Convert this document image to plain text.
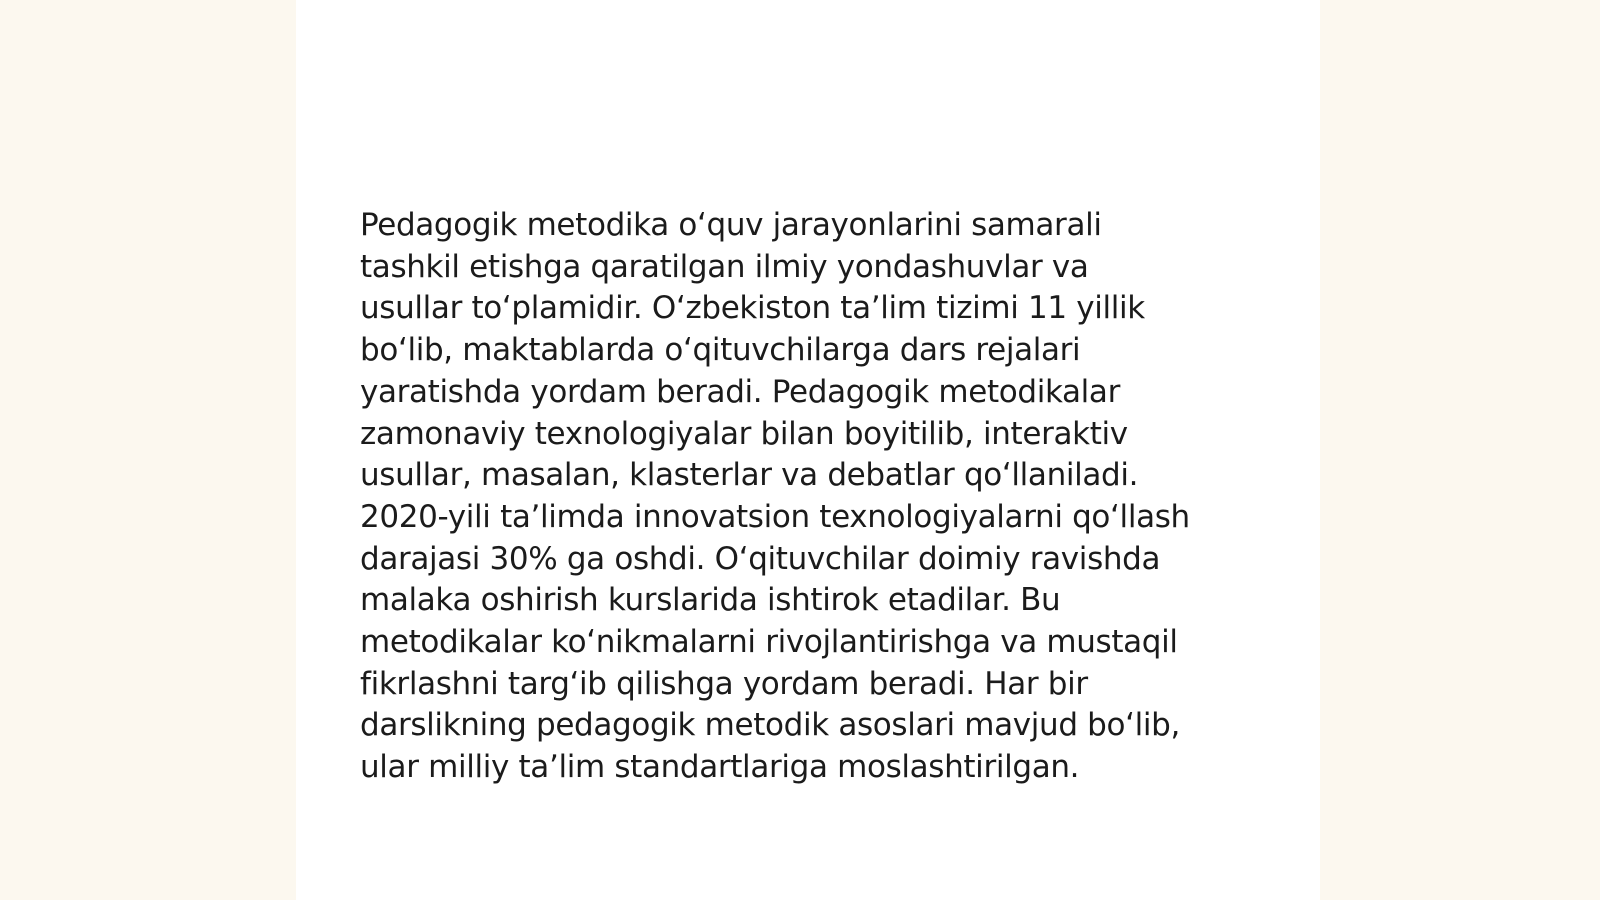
Pedagogik metodika o‘quv jarayonlarini samarali
tashkil etishga qaratilgan ilmiy yondashuvlar va
usullar to‘plamidir. O‘zbekiston ta’lim tizimi 11 yillik
bo‘lib, maktablarda o‘qituvchilarga dars rejalari
yaratishda yordam beradi. Pedagogik metodikalar
zamonaviy texnologiyalar bilan boyitilib, interaktiv
usullar, masalan, klasterlar va debatlar qo‘llaniladi.
2020-yili ta’limda innovatsion texnologiyalarni qo‘llash
darajasi 30% ga oshdi. O‘qituvchilar doimiy ravishda
malaka oshirish kurslarida ishtirok etadilar. Bu
metodikalar ko‘nikmalarni rivojlantirishga va mustaqil
fikrlashni targ‘ib qilishga yordam beradi. Har bir
darslikning pedagogik metodik asoslari mavjud bo‘lib,
ular milliy ta’lim standartlariga moslashtirilgan.
